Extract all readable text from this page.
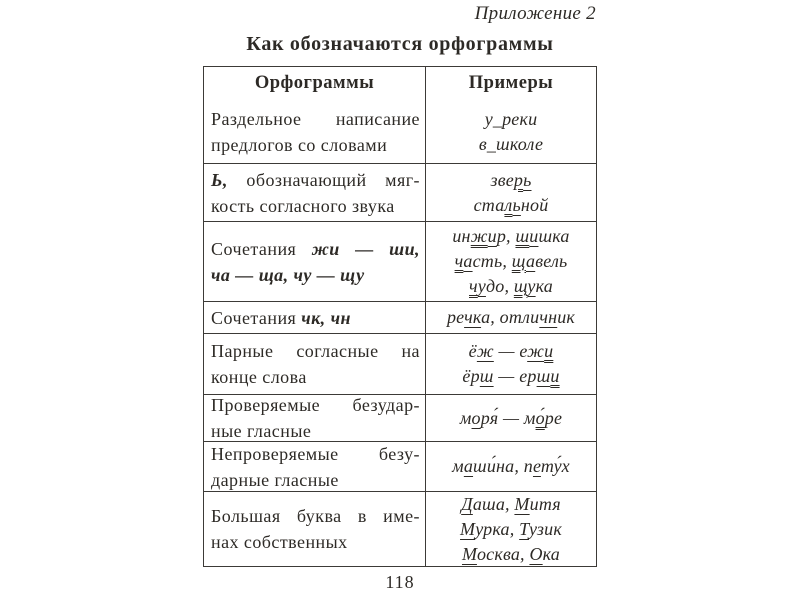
Приложение 2
Как обозначаются орфограммы
Орфограммы	Примеры
Раздельное написание
предлогов со словами
у_реки
в_школе
Ь, обозначающий мяг-
кость согласного звука
зверь
стальной
Сочетания жи — ши,
ча — ща, чу — щу
инжир, шишка
часть, щавель
чудо, щука
Сочетания чк, чн	речка, отличник
Парные согласные на
конце слова
ёж — ежи
ёрш — ерши
Проверяемые безудар-
ные гласные
моря́ — мо́ре
Непроверяемые безу-
дарные гласные
маши́на, пету́х
Большая буква в име-
нах собственных
Даша, Митя
Мурка, Тузик
Москва, Ока
118
